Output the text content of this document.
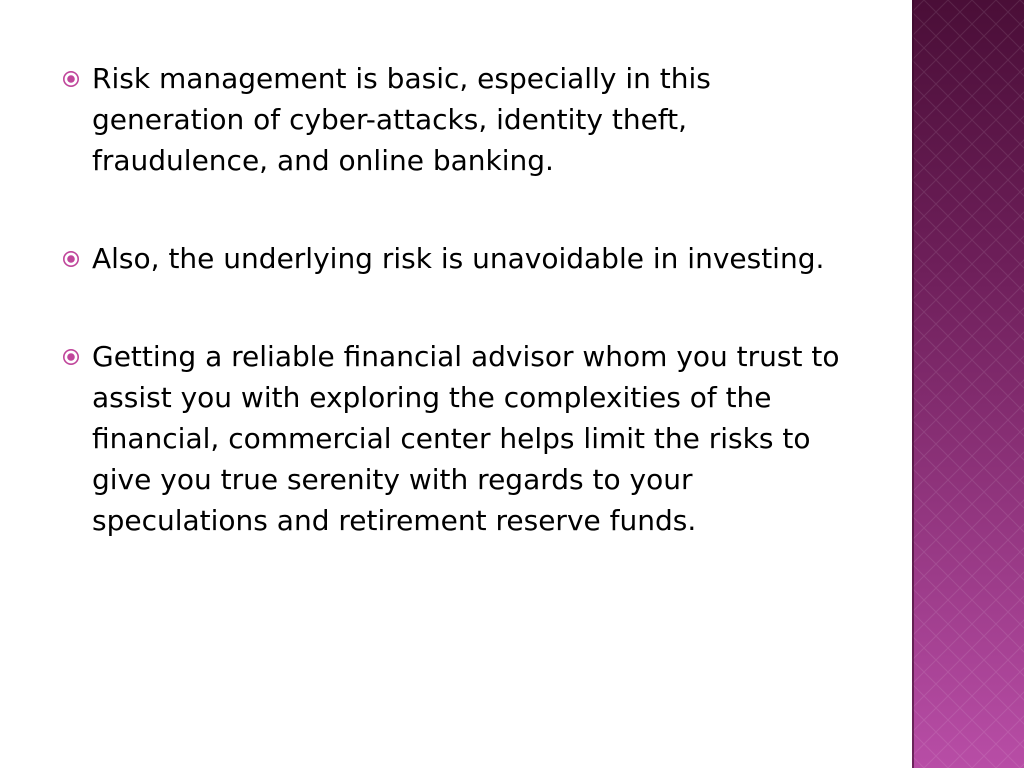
Risk management is basic, especially in this generation of cyber-attacks, identity theft, fraudulence, and online banking.
Also, the underlying risk is unavoidable in investing.
Getting a reliable financial advisor whom you trust to assist you with exploring the complexities of the financial, commercial center helps limit the risks to give you true serenity with regards to your speculations and retirement reserve funds.
